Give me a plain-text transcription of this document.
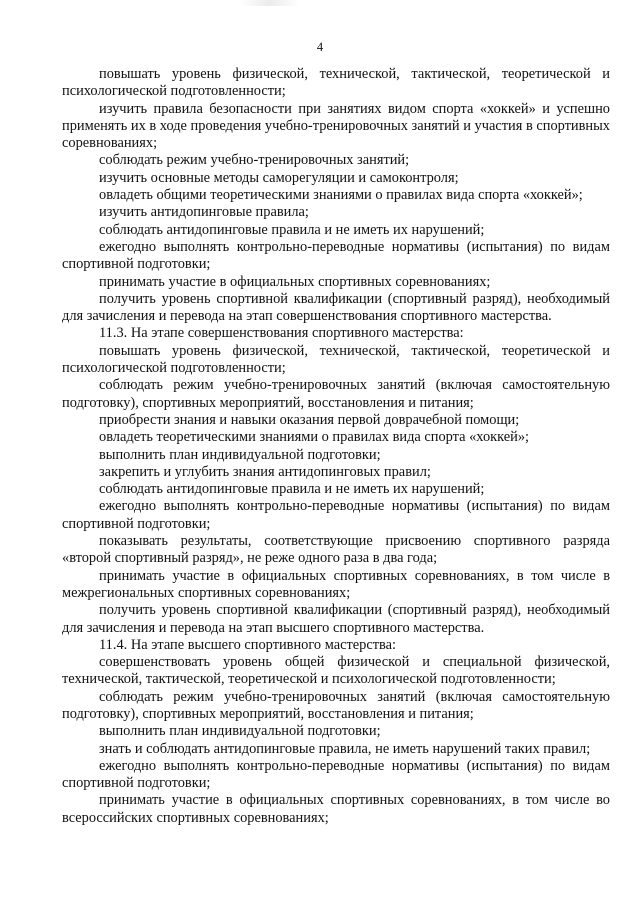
4

повышать уровень физической, технической, тактической, теоретической и психологической подготовленности;

изучить правила безопасности при занятиях видом спорта «хоккей» и успешно применять их в ходе проведения учебно-тренировочных занятий и участия в спортивных соревнованиях;

соблюдать режим учебно-тренировочных занятий;

изучить основные методы саморегуляции и самоконтроля;

овладеть общими теоретическими знаниями о правилах вида спорта «хоккей»;

изучить антидопинговые правила;

соблюдать антидопинговые правила и не иметь их нарушений;

ежегодно выполнять контрольно-переводные нормативы (испытания) по видам спортивной подготовки;

принимать участие в официальных спортивных соревнованиях;

получить уровень спортивной квалификации (спортивный разряд), необходимый для зачисления и перевода на этап совершенствования спортивного мастерства.

11.3. На этапе совершенствования спортивного мастерства:

повышать уровень физической, технической, тактической, теоретической и психологической подготовленности;

соблюдать режим учебно-тренировочных занятий (включая самостоятельную подготовку), спортивных мероприятий, восстановления и питания;

приобрести знания и навыки оказания первой доврачебной помощи;

овладеть теоретическими знаниями о правилах вида спорта «хоккей»;

выполнить план индивидуальной подготовки;

закрепить и углубить знания антидопинговых правил;

соблюдать антидопинговые правила и не иметь их нарушений;

ежегодно выполнять контрольно-переводные нормативы (испытания) по видам спортивной подготовки;

показывать результаты, соответствующие присвоению спортивного разряда «второй спортивный разряд», не реже одного раза в два года;

принимать участие в официальных спортивных соревнованиях, в том числе в межрегиональных спортивных соревнованиях;

получить уровень спортивной квалификации (спортивный разряд), необходимый для зачисления и перевода на этап высшего спортивного мастерства.

11.4. На этапе высшего спортивного мастерства:

совершенствовать уровень общей физической и специальной физической, технической, тактической, теоретической и психологической подготовленности;

соблюдать режим учебно-тренировочных занятий (включая самостоятельную подготовку), спортивных мероприятий, восстановления и питания;

выполнить план индивидуальной подготовки;

знать и соблюдать антидопинговые правила, не иметь нарушений таких правил;

ежегодно выполнять контрольно-переводные нормативы (испытания) по видам спортивной подготовки;

принимать участие в официальных спортивных соревнованиях, в том числе во всероссийских спортивных соревнованиях;
